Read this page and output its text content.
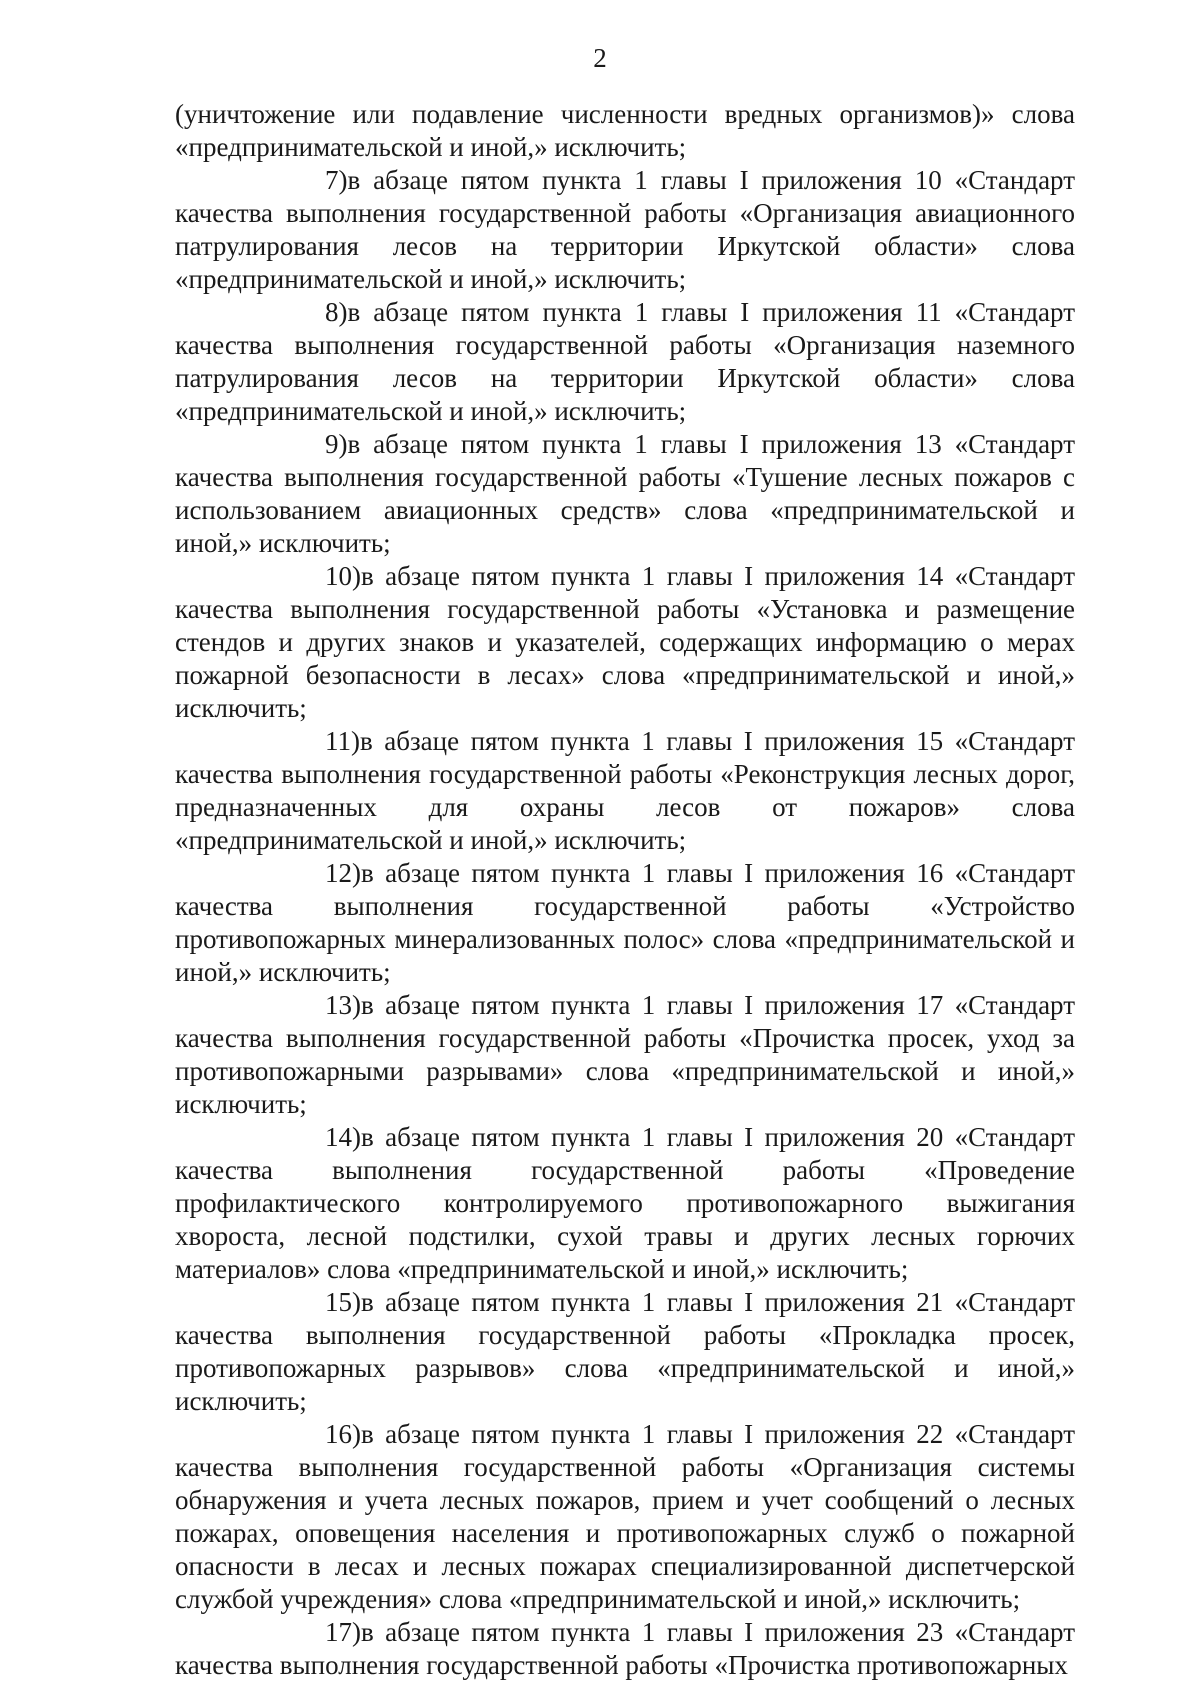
2

(уничтожение или подавление численности вредных организмов)» слова «предпринимательской и иной,» исключить;

7)в абзаце пятом пункта 1 главы I приложения 10 «Стандарт качества выполнения государственной работы «Организация авиационного патрулирования лесов на территории Иркутской области» слова «предпринимательской и иной,» исключить;

8)в абзаце пятом пункта 1 главы I приложения 11 «Стандарт качества выполнения государственной работы «Организация наземного патрулирования лесов на территории Иркутской области» слова «предпринимательской и иной,» исключить;

9)в абзаце пятом пункта 1 главы I приложения 13 «Стандарт качества выполнения государственной работы «Тушение лесных пожаров с использованием авиационных средств» слова «предпринимательской и иной,» исключить;

10)в абзаце пятом пункта 1 главы I приложения 14 «Стандарт качества выполнения государственной работы «Установка и размещение стендов и других знаков и указателей, содержащих информацию о мерах пожарной безопасности в лесах» слова «предпринимательской и иной,» исключить;

11)в абзаце пятом пункта 1 главы I приложения 15 «Стандарт качества выполнения государственной работы «Реконструкция лесных дорог, предназначенных для охраны лесов от пожаров» слова «предпринимательской и иной,» исключить;

12)в абзаце пятом пункта 1 главы I приложения 16 «Стандарт качества выполнения государственной работы «Устройство противопожарных минерализованных полос» слова «предпринимательской и иной,» исключить;

13)в абзаце пятом пункта 1 главы I приложения 17 «Стандарт качества выполнения государственной работы «Прочистка просек, уход за противопожарными разрывами» слова «предпринимательской и иной,» исключить;

14)в абзаце пятом пункта 1 главы I приложения 20 «Стандарт качества выполнения государственной работы «Проведение профилактического контролируемого противопожарного выжигания хвороста, лесной подстилки, сухой травы и других лесных горючих материалов» слова «предпринимательской и иной,» исключить;

15)в абзаце пятом пункта 1 главы I приложения 21 «Стандарт качества выполнения государственной работы «Прокладка просек, противопожарных разрывов» слова «предпринимательской и иной,» исключить;

16)в абзаце пятом пункта 1 главы I приложения 22 «Стандарт качества выполнения государственной работы «Организация системы обнаружения и учета лесных пожаров, прием и учет сообщений о лесных пожарах, оповещения населения и противопожарных служб о пожарной опасности в лесах и лесных пожарах специализированной диспетчерской службой учреждения» слова «предпринимательской и иной,» исключить;

17)в абзаце пятом пункта 1 главы I приложения 23 «Стандарт качества выполнения государственной работы «Прочистка противопожарных
